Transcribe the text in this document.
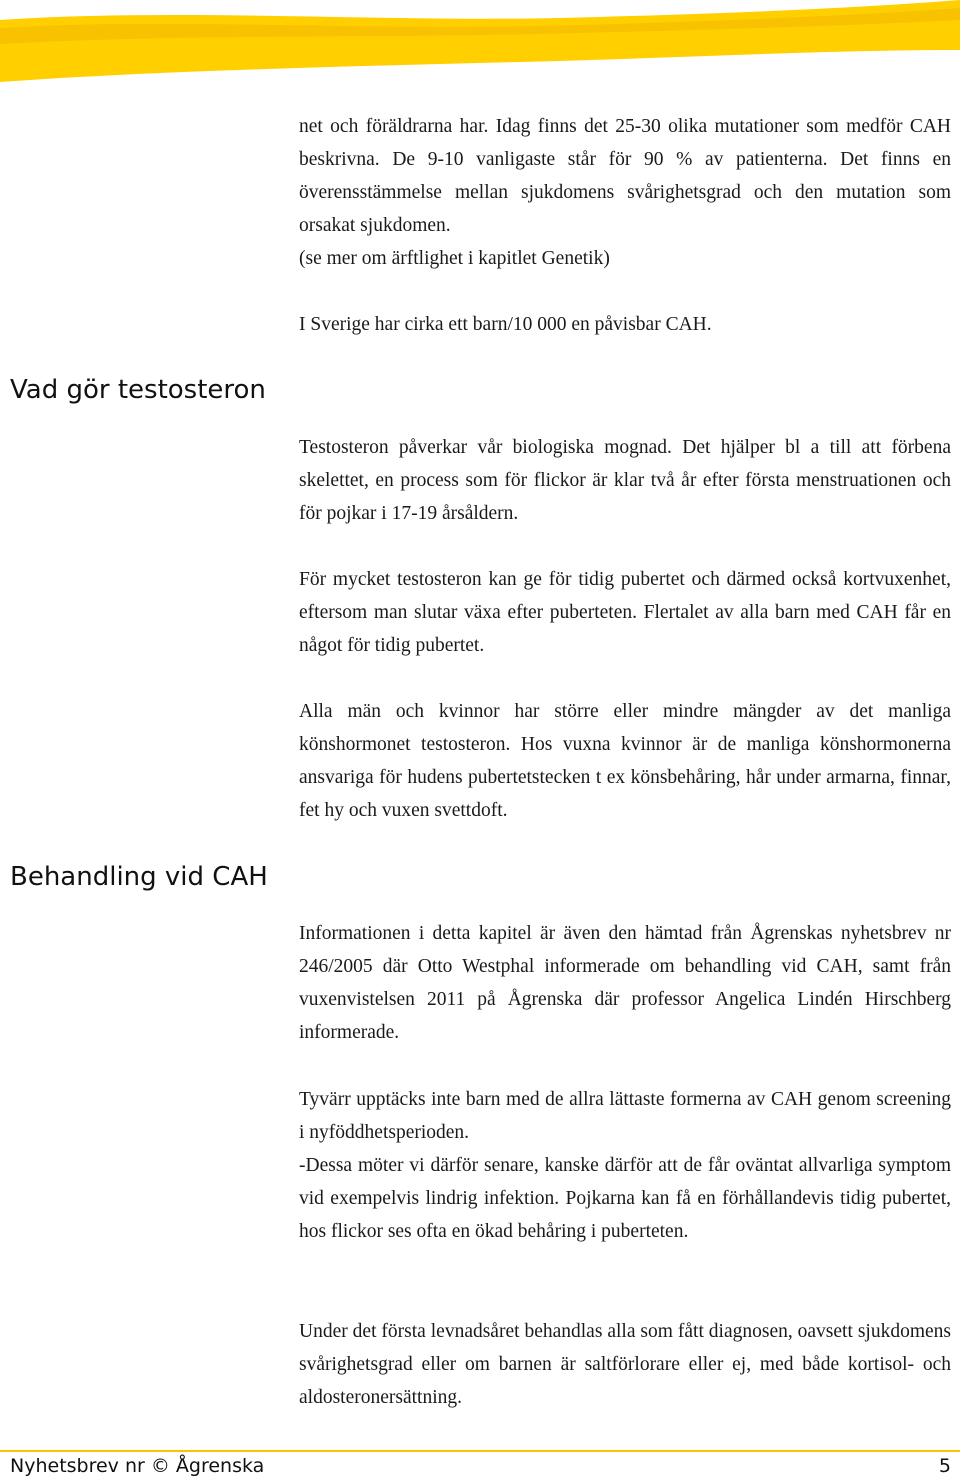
net och föräldrarna har. Idag finns det 25-30 olika mutationer som medför CAH beskrivna. De 9-10 vanligaste står för 90 % av patienterna. Det finns en överensstämmelse mellan sjukdomens svårighetsgrad och den mutation som orsakat sjukdomen.

(se mer om ärftlighet i kapitlet Genetik)

I Sverige har cirka ett barn/10 000 en påvisbar CAH.

Vad gör testosteron

Testosteron påverkar vår biologiska mognad. Det hjälper bl a till att förbena skelettet, en process som för flickor är klar två år efter första menstruationen och för pojkar i 17-19 årsåldern.

För mycket testosteron kan ge för tidig pubertet och därmed också kortvuxenhet, eftersom man slutar växa efter puberteten. Flertalet av alla barn med CAH får en något för tidig pubertet.

Alla män och kvinnor har större eller mindre mängder av det manliga könshormonet testosteron. Hos vuxna kvinnor är de manliga könshormonerna ansvariga för hudens pubertetstecken t ex könsbehåring, hår under armarna, finnar, fet hy och vuxen svettdoft.

Behandling vid CAH

Informationen i detta kapitel är även den hämtad från Ågrenskas nyhetsbrev nr 246/2005 där Otto Westphal informerade om behandling vid CAH, samt från vuxenvistelsen 2011 på Ågrenska där professor Angelica Lindén Hirschberg informerade.

Tyvärr upptäcks inte barn med de allra lättaste formerna av CAH genom screening i nyföddhetsperioden.

-Dessa möter vi därför senare, kanske därför att de får oväntat allvarliga symptom vid exempelvis lindrig infektion. Pojkarna kan få en förhållandevis tidig pubertet, hos flickor ses ofta en ökad behåring i puberteten.

Under det första levnadsåret behandlas alla som fått diagnosen, oavsett sjukdomens svårighetsgrad eller om barnen är saltförlorare eller ej, med både kortisol- och aldosteronersättning.

Nyhetsbrev nr © Ågrenska	5
